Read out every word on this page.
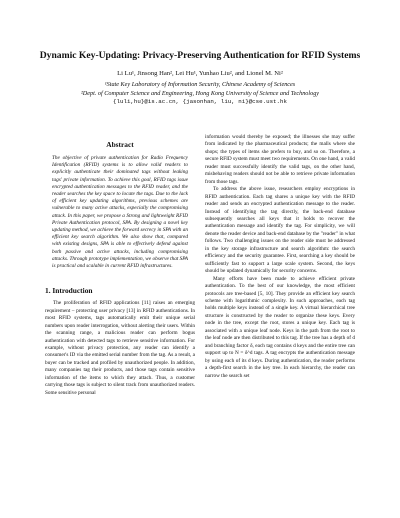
Dynamic Key-Updating: Privacy-Preserving Authentication for RFID Systems

Li Lu¹, Jinsong Han², Lei Hu¹, Yunhao Liu², and Lionel M. Ni²

¹State Key Laboratory of Information Security, Chinese Academy of Sciences

²Dept. of Computer Science and Engineering, Hong Kong University of Science and Technology

{luli,hu}@is.ac.cn, {jasonhan, liu, ni}@cse.ust.hk

Abstract

The objective of private authentication for Radio Frequency Identification (RFID) systems is to allow valid readers to explicitly authenticate their dominated tags without leaking tags' private information. To achieve this goal, RFID tags issue encrypted authentication messages to the RFID reader, and the reader searches the key space to locate the tags. Due to the lack of efficient key updating algorithms, previous schemes are vulnerable to many active attacks, especially the compromising attack. In this paper, we propose a Strong and lightweight RFID Private Authentication protocol, SPA. By designing a novel key updating method, we achieve the forward secrecy in SPA with an efficient key search algorithm. We also show that, compared with existing designs, SPA is able to effectively defend against both passive and active attacks, including compromising attacks. Through prototype implementation, we observe that SPA is practical and scalable in current RFID infrastructures.

1. Introduction

The proliferation of RFID applications [11] raises an emerging requirement – protecting user privacy [13] in RFID authentications. In most RFID systems, tags automatically emit their unique serial numbers upon reader interrogation, without alerting their users. Within the scanning range, a malicious reader can perform bogus authentication with detected tags to retrieve sensitive information. For example, without privacy protection, any reader can identify a consumer's ID via the emitted serial number from the tag. As a result, a buyer can be tracked and profiled by unauthorized people. In addition, many companies tag their products, and those tags contain sensitive information of the items to which they attach. Thus, a customer carrying those tags is subject to silent track from unauthorized readers. Some sensitive personal

information would thereby be exposed; the illnesses she may suffer from indicated by the pharmaceutical products; the malls where she shops; the types of items she prefers to buy, and so on. Therefore, a secure RFID system must meet two requirements. On one hand, a valid reader must successfully identify the valid tags, on the other hand, misbehaving readers should not be able to retrieve private information from those tags.

To address the above issue, researchers employ encryptions in RFID authentication. Each tag shares a unique key with the RFID reader and sends an encrypted authentication message to the reader. Instead of identifying the tag directly, the back-end database subsequently searches all keys that it holds to recover the authentication message and identify the tag. For simplicity, we will denote the reader device and back-end database by the "reader" in what follows. Two challenging issues on the reader side must be addressed in the key storage infrastructure and search algorithm: the search efficiency and the security guarantee. First, searching a key should be sufficiently fast to support a large scale system. Second, the keys should be updated dynamically for security concerns.

Many efforts have been made to achieve efficient private authentication. To the best of our knowledge, the most efficient protocols are tree-based [5, 10]. They provide an efficient key search scheme with logarithmic complexity. In such approaches, each tag holds multiple keys instead of a single key. A virtual hierarchical tree structure is constructed by the reader to organize these keys. Every node in the tree, except the root, stores a unique key. Each tag is associated with a unique leaf node. Keys in the path from the root to the leaf node are then distributed to this tag. If the tree has a depth of d and branching factor δ, each tag contains d keys and the entire tree can support up to N = δ^d tags. A tag encrypts the authentication message by using each of its d keys. During authentication, the reader performs a depth-first search in the key tree. In each hierarchy, the reader can narrow the search set
